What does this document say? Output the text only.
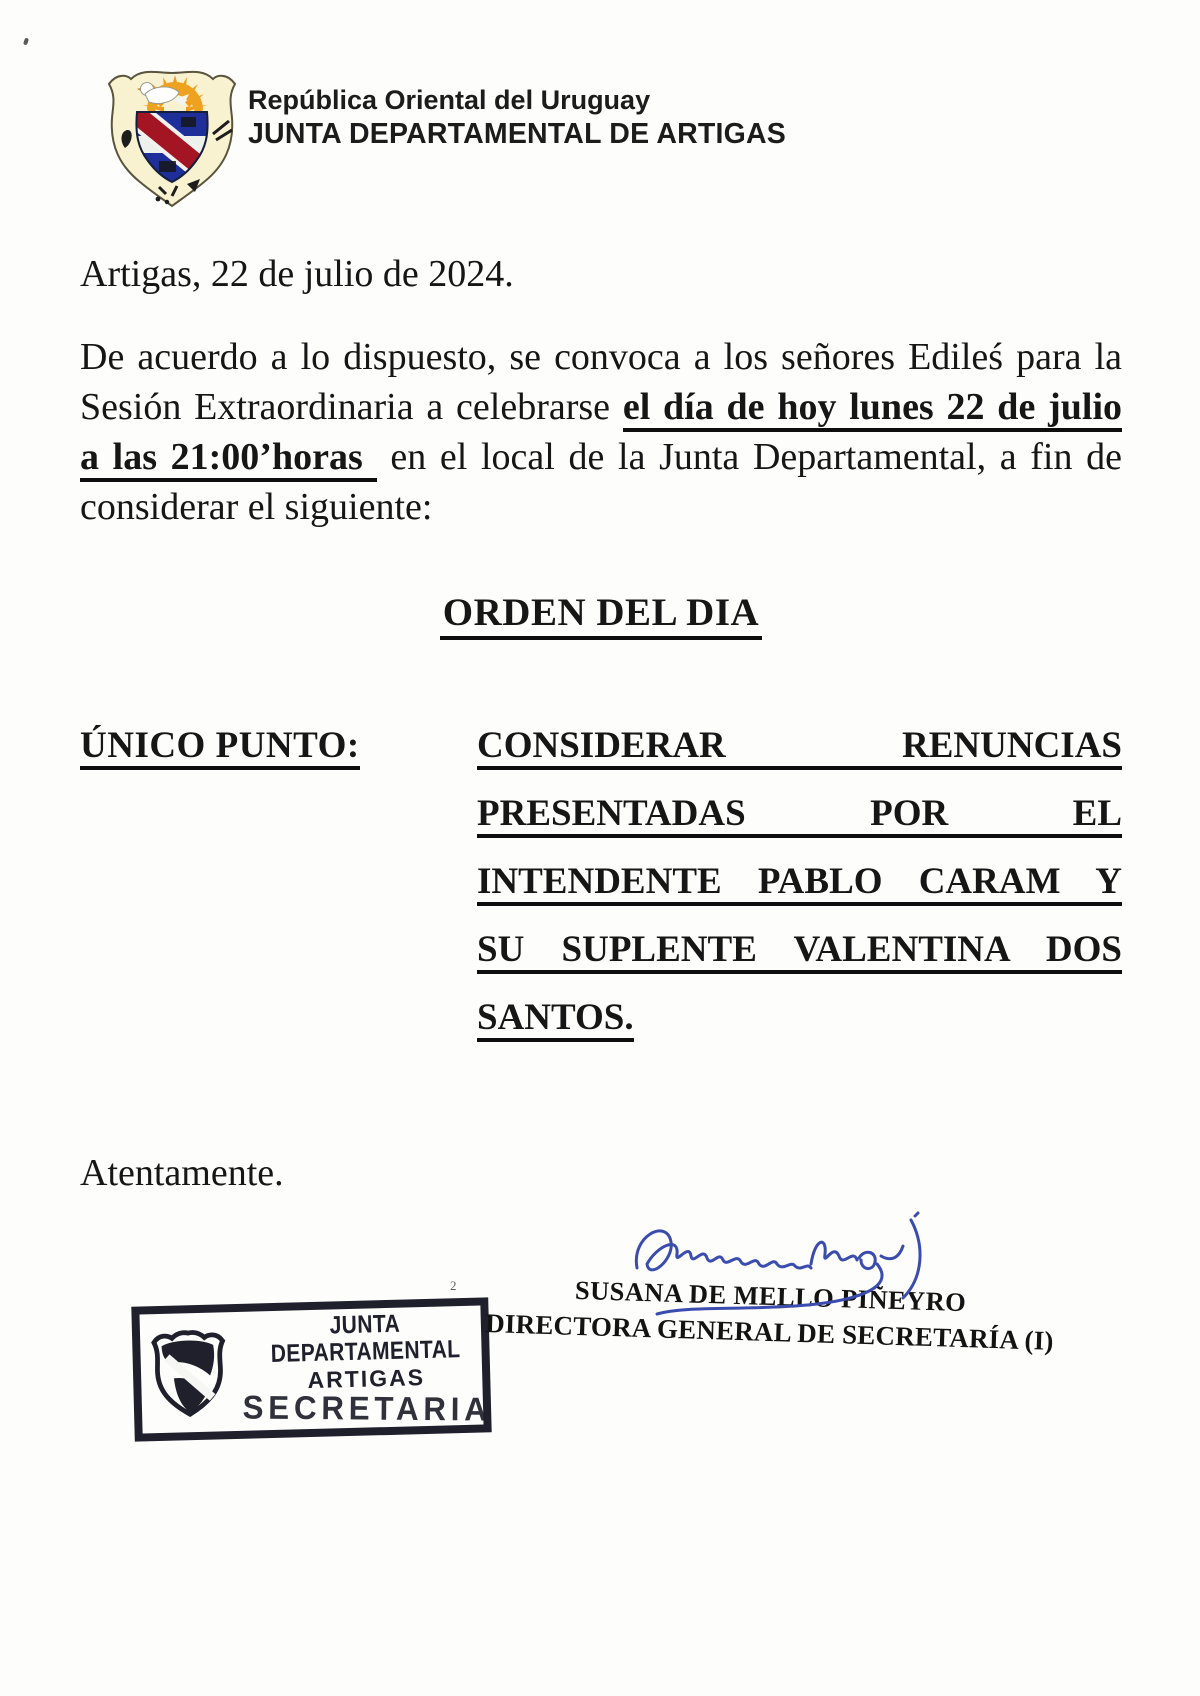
República Oriental del Uruguay
JUNTA DEPARTAMENTAL DE ARTIGAS
Artigas, 22 de julio de 2024.
De acuerdo a lo dispuesto, se convoca a los señores Edileś para la
Sesión Extraordinaria a celebrarse el día de hoy lunes 22 de julio
a las 21:00’horas en el local de la Junta Departamental, a fin de
considerar el siguiente:
ORDEN DEL DIA
ÚNICO PUNTO:	CONSIDERAR RENUNCIAS
PRESENTADAS POR EL
INTENDENTE PABLO CARAM Y
SU SUPLENTE VALENTINA DOS
SANTOS.
Atentamente.
SUSANA DE MELLO PIÑEYRO
DIRECTORA GENERAL DE SECRETARÍA (I)
2
JUNTA DEPARTAMENTAL
ARTIGAS
SECRETARIA
